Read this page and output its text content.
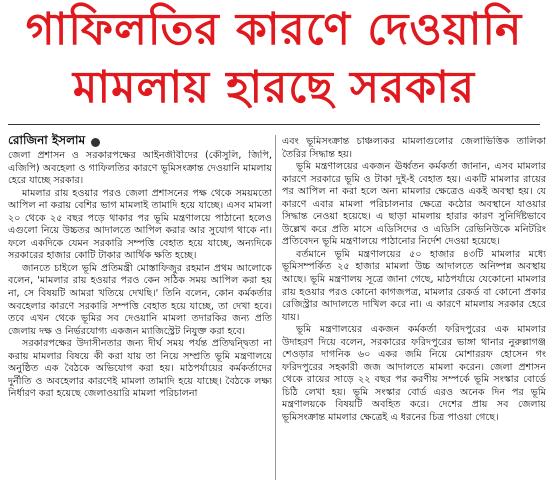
গাফিলতির কারণে দেওয়ানি
মামলায় হারছে সরকার
রোজিনা ইসলাম

জেলা প্রশাসন ও সরকারপক্ষের আইনজীবীদের (কৌসুলি, জিপি, এজিপি) অবহেলা ও গাফিলতির কারণে ভূমিসংক্রান্ত দেওয়ানি মামলায় হেরে যাচ্ছে সরকার।

মামলার রায় হওয়ার পরও জেলা প্রশাসনের পক্ষ থেকে সময়মতো আপিল না করায় বেশির ভাগ মামলাই তামাদি হয়ে যাচ্ছে। এসব মামলা ২০ থেকে ২৫ বছর পড়ে থাকার পর ভূমি মন্ত্রণালয়ে পাঠানো হলেও এগুলো নিয়ে উচ্চতর আদালতে আপিল করার আর সুযোগ থাকে না। ফলে একদিকে যেমন সরকারি সম্পত্তি বেহাত হয়ে যাচ্ছে, অন্যদিকে সরকারের হাজার কোটি টাকার আর্থিক ক্ষতি হচ্ছে।

জানতে চাইলে ভূমি প্রতিমন্ত্রী মোস্তাফিজুর রহমান প্রথম আলোকে বলেন, 'মামলার রায় হওয়ার পরও কেন সঠিক সময় আপিল করা হয় না, সে বিষয়টি আমরা খতিয়ে দেখছি।' তিনি বলেন, কোন কর্মকর্তার অবহেলার কারণে সরকারি সম্পত্তি বেহাত হয়ে যাচ্ছে, তা দেখা হবে। তবে এখন থেকে ভূমির সব দেওয়ানি মামলা তদারকির জন্য প্রতি জেলায় দক্ষ ও নির্ভরযোগ্য একজন ম্যাজিস্ট্রেট নিযুক্ত করা হবে।

সরকারপক্ষের উদাসীনতার জন্য দীর্ঘ সময় পর্যন্ত প্রতিদ্বন্দ্বিতা না করায় মামলার বিষয়ে কী করা যায় তা নিয়ে সম্প্রতি ভূমি মন্ত্রণালয়ে অনুষ্ঠিত এক বৈঠকে অভিযোগ করা হয়। মাঠপর্যায়ের কর্মকর্তাদের দুর্নীতি ও অবহেলার কারণেই মামলা তামাদি হয়ে যাচ্ছে। বৈঠকে লক্ষ্য নির্ধারণ করা হয়েছে জেলাওয়ারি মামলা পরিচালনা

এবং ভূমিসংক্রান্ত চাঞ্চল্যকর মামলাগুলোর জেলাভিত্তিক তালিকা তৈরির সিদ্ধান্ত হয়।

ভূমি মন্ত্রণালয়ের একজন ঊর্ধ্বতন কর্মকর্তা জানান, এসব মামলার কারণে সরকারে ভূমি ও টাকা দুই-ই বেহাত হয়। একটি মামলার রায়ের পর আপিল না করা হলে অন্য মামলার ক্ষেত্রেও একই অবস্থা হয়। যে কারণে এবার মামলা পরিচালনার ক্ষেত্রে কঠোর অবস্থানে যাওয়ার সিদ্ধান্ত নেওয়া হয়েছে। এ ছাড়া মামলায় হারার কারণ সুনির্দিষ্টভাবে উল্লেখ করে প্রতি মাসে এডিসিদের ও এডিসি রেভিনিউকে মনিটরিং প্রতিবেদন ভূমি মন্ত্রণালয়ে পাঠানোর নির্দেশ দেওয়া হয়েছে।

বর্তমানে ভূমি মন্ত্রণালয়ের ৫০ হাজার ৪৩টি মামলার মধ্যে ভূমিসম্পর্কিত ২৫ হাজার মামলা উচ্চ আদালতে অনিষ্পন্ন অবস্থায় আছে। ভূমি মন্ত্রণালয় সূত্রে জানা গেছে, মাঠপর্যায়ে যেকোনো মামলার রায় হওয়ার পরও কোনো কাগজপত্র, মামলার রেকর্ড বা কোনো প্রকার রেজিস্ট্রার আদালতে দাখিল করে না। এ কারণে মামলায় সরকার হেরে যায়।

ভূমি মন্ত্রণালয়ের একজন কর্মকর্তা ফরিদপুরের এক মামলার উদাহরণ দিয়ে বলেন, সরকারের ফরিদপুরের ভাঙ্গা থানার নুরুল্লাগঞ্জ শেওড়ার দাগনিক ৬০ একর জমি নিয়ে মোশাররফ হোসেন গং ফরিদপুরের সহকারী জজ আদালতে মামলা করেন। জেলা প্রশাসন থেকে রায়ের সাড়ে ২২ বছর পর করণীয় সম্পর্কে ভূমি সংস্কার বোর্ডে চিঠি লেখা হয়। ভূমি সংস্কার বোর্ড এরও অনেক দিন পর ভূমি মন্ত্রণালয়কে বিষয়টি অবহিত করে। দেশের প্রায় সব জেলায় ভূমিসংক্রান্ত মামলার ক্ষেত্রেই এ ধরনের চিত্র পাওয়া গেছে।
